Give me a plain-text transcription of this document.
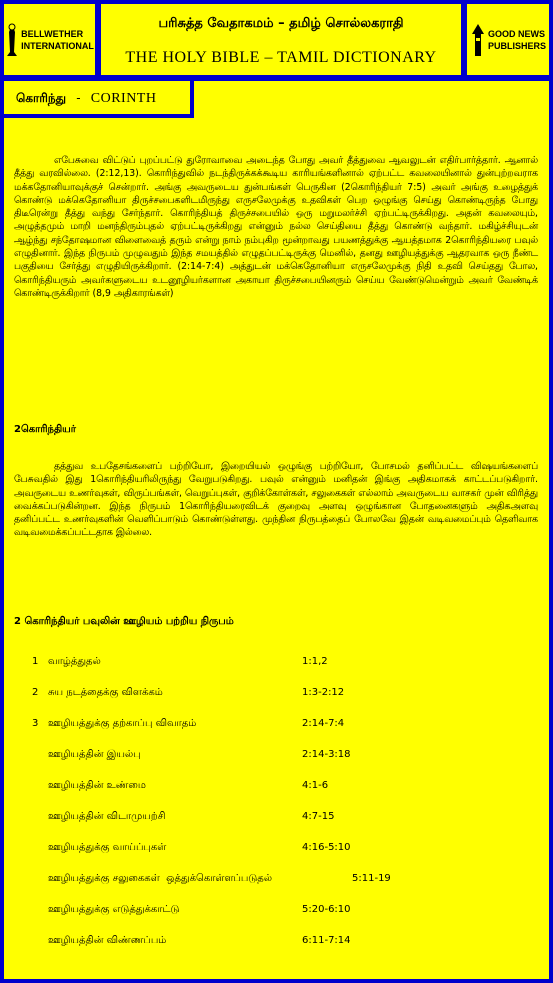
BELLWETHER
INTERNATIONAL
பரிசுத்த வேதாகமம் – தமிழ் சொல்லகராதி
THE HOLY BIBLE – TAMIL DICTIONARY
GOOD NEWS
PUBLISHERS
கொரிந்து - CORINTH

எபேசுவை விட்டுப் புறப்பட்டு துரோவாவை அடைந்த போது அவர் தீத்துவை ஆவலுடன் எதிர்பார்த்தார். ஆனால் தீத்து வரவில்லை. (2:12,13). கொரிந்துவில் நடந்திருக்கக்கூடிய காரியங்களினால் ஏற்பட்ட கவலையினால் துன்புற்றவராக மக்கதோனியாவுக்குச் சென்றார். அங்கு அவருடைய துன்பங்கள் பெருகின (2கொரிந்தியர் 7:5) அவர் அங்கு உழைத்துக் கொண்டு மக்கெதோனியா திருச்சபைகளிடமிருந்து எருசலேமுக்கு உதவிகள் பெற ஒழுங்கு செய்து கொண்டிருந்த போது திடீரென்று தீத்து வந்து சேர்ந்தார். கொரிந்தியத் திருச்சபையில் ஒரு மறுமலர்ச்சி ஏற்பட்டிருக்கிறது. அதன் கவலையும், அழுத்தமும் மாறி மனந்திரும்புதல் ஏற்பட்டிருக்கிறது என்னும் நல்ல செய்தியை தீத்து கொண்டு வந்தார். மகிழ்ச்சியுடன் ஆழ்ந்து சந்தோஷமான விளைவைத் தரும் என்று நாம் நம்புகிற மூன்றாவது பயணத்துக்கு ஆயத்தமாக 2கொரிந்தியரை பவுல் எழுதினார். இந்த நிருபம் முழுவதும் இந்த சமயத்தில் எழுதப்பட்டிருக்கு மெனில், தனது ஊழியத்துக்கு ஆதரவாக ஒரு நீண்ட பகுதியை சேர்த்து எழுதியிருக்கிறார். (2:14-7:4) அத்துடன் மக்கெதோனியா எருசலேமுக்கு நிதி உதவி செய்தது போல, கொரிந்தியரும் அவர்களுடைய உடனூழியர்களான அகாயா திருச்சபையினரும் செய்ய வேண்டுமென்றும் அவர் வேண்டிக் கொண்டிருக்கிறார் (8,9 அதிகாரங்கள்)

2கொரிந்தியர்

தத்துவ உபதேசங்களைப் பற்றியோ, இறையியல் ஒழுங்கு பற்றியோ, போசமல் தனிப்பட்ட விஷயங்களைப் பேசுவதில் இது 1கொரிந்தியரிலிருந்து வேறுபடுகிறது. பவுல் என்னும் மனிதன் இங்கு அதிகமாகக் காட்டப்படுகிறார். அவருடைய உணர்வுகள், விருப்பங்கள், வெறுப்புகள், குறிக்கோள்கள், சலுகைகள் எல்லாம் அவருடைய வாசகர் முன் விரித்து வைக்கப்படுகின்றன. இந்த நிருபம் 1கொரிந்தியரைவிடக் குறைவு அளவு ஒழுங்கான போதனைகளும் அதிகஅளவு தனிப்பட்ட உணர்வுகளின் வெளிப்பாடும் கொண்டுள்ளது. முந்தின நிருபத்தைப் போலவே இதன் வடிவமைப்பும் தெளிவாக வடிவமைக்கப்பட்டதாக இல்லை.

2 கொரிந்தியர் பவுலின் ஊழியம் பற்றிய நிருபம்
1 வாழ்த்துதல்	1:1,2
2 சுய நடத்தைக்கு விளக்கம்	1:3-2:12
3 ஊழியத்துக்கு தற்காப்பு விவாதம்	2:14-7:4
ஊழியத்தின் இயல்பு	2:14-3:18
ஊழியத்தின் உண்மை	4:1-6
ஊழியத்தின் விடாமுயற்சி	4:7-15
ஊழியத்துக்கு வாய்ப்புகள்	4:16-5:10
ஊழியத்துக்கு சலுகைகள்  ஒத்துக்கொள்ளப்படுதல்	5:11-19
ஊழியத்துக்கு எடுத்துக்காட்டு	5:20-6:10
ஊழியத்தின் விண்ணப்பம்	6:11-7:14
